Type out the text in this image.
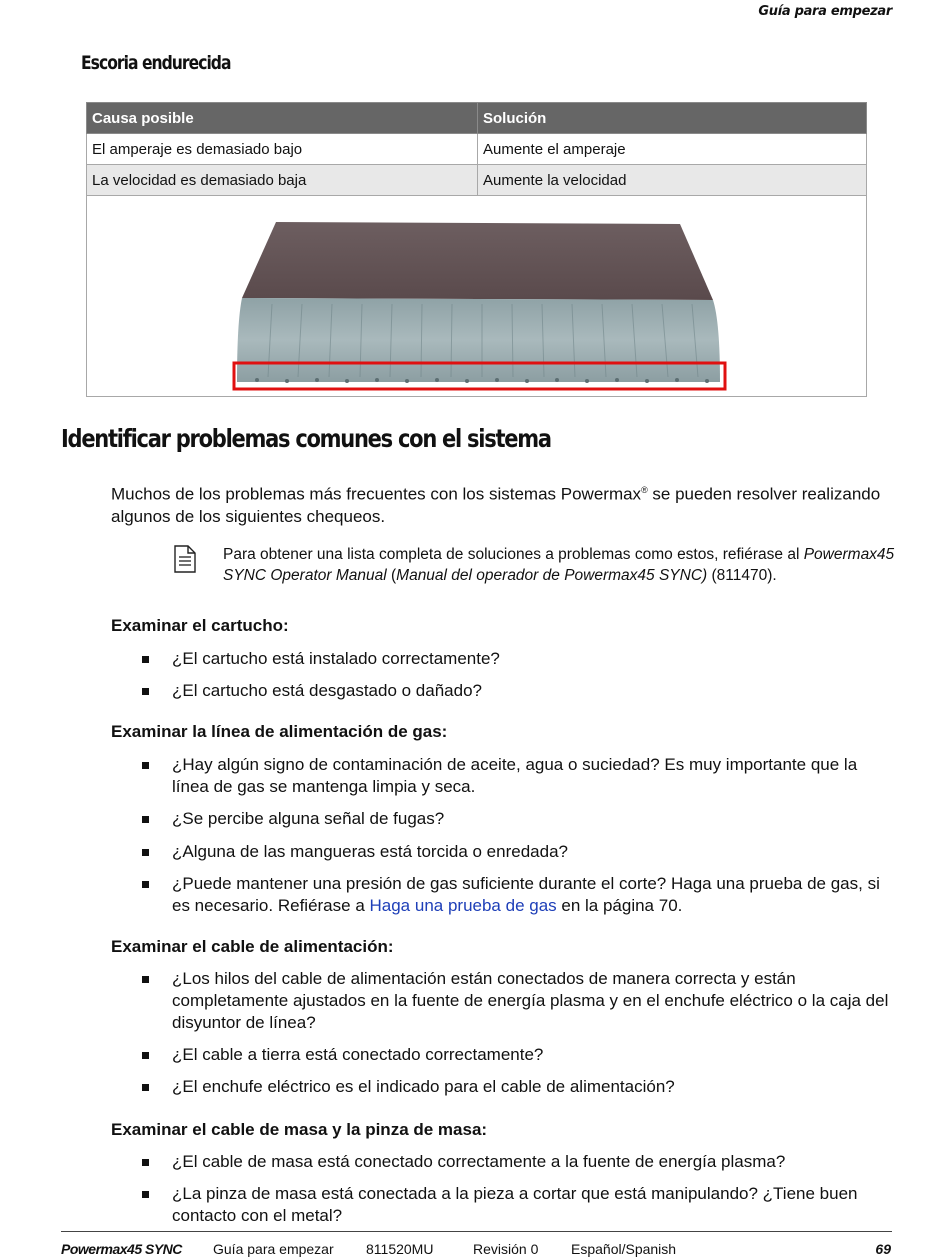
Guía para empezar
Escoria endurecida
Causa posible	Solución
El amperaje es demasiado bajo	Aumente el amperaje
La velocidad es demasiado baja	Aumente la velocidad

Identificar problemas comunes con el sistema

Muchos de los problemas más frecuentes con los sistemas Powermax® se pueden resolver realizando algunos de los siguientes chequeos.

Para obtener una lista completa de soluciones a problemas como estos, refiérase al Powermax45 SYNC Operator Manual (Manual del operador de Powermax45 SYNC) (811470).

Examinar el cartucho:

¿El cartucho está instalado correctamente?
¿El cartucho está desgastado o dañado?

Examinar la línea de alimentación de gas:

¿Hay algún signo de contaminación de aceite, agua o suciedad? Es muy importante que la línea de gas se mantenga limpia y seca.
¿Se percibe alguna señal de fugas?
¿Alguna de las mangueras está torcida o enredada?
¿Puede mantener una presión de gas suficiente durante el corte? Haga una prueba de gas, si es necesario. Refiérase a Haga una prueba de gas en la página 70.

Examinar el cable de alimentación:

¿Los hilos del cable de alimentación están conectados de manera correcta y están completamente ajustados en la fuente de energía plasma y en el enchufe eléctrico o la caja del disyuntor de línea?
¿El cable a tierra está conectado correctamente?
¿El enchufe eléctrico es el indicado para el cable de alimentación?

Examinar el cable de masa y la pinza de masa:

¿El cable de masa está conectado correctamente a la fuente de energía plasma?
¿La pinza de masa está conectada a la pieza a cortar que está manipulando? ¿Tiene buen contacto con el metal?
Powermax45 SYNC Guía para empezar 811520MU	Revisión 0 Español/Spanish	69
